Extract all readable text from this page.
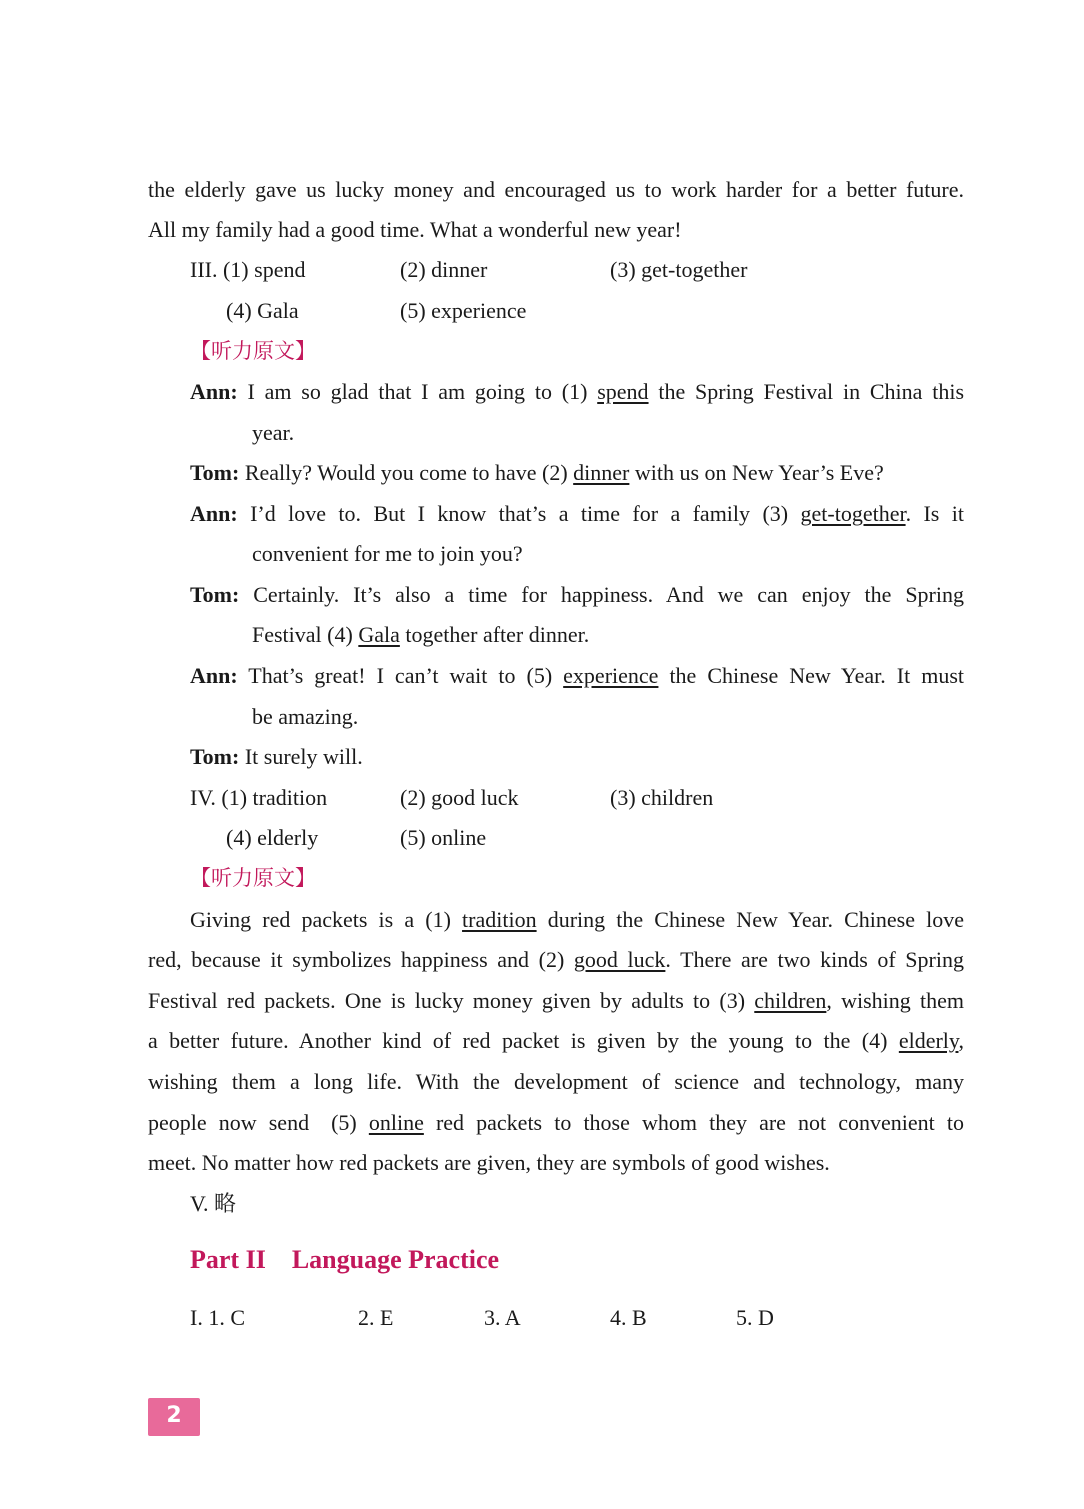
the elderly gave us lucky money and encouraged us to work harder for a better future.
All my family had a good time. What a wonderful new year!
III. (1) spend	(2) dinner	(3) get-together
(4) Gala	(5) experience
【听力原文】
Ann: I am so glad that I am going to (1) spend the Spring Festival in China this
year.
Tom: Really? Would you come to have (2) dinner with us on New Year’s Eve?
Ann: I’d love to. But I know that’s a time for a family (3) get-together. Is it
convenient for me to join you?
Tom: Certainly. It’s also a time for happiness. And we can enjoy the Spring
Festival (4) Gala together after dinner.
Ann: That’s great! I can’t wait to (5) experience the Chinese New Year. It must
be amazing.
Tom: It surely will.
IV. (1) tradition	(2) good luck	(3) children
(4) elderly	(5) online
【听力原文】
Giving red packets is a (1) tradition during the Chinese New Year. Chinese love
red, because it symbolizes happiness and (2) good luck. There are two kinds of Spring
Festival red packets. One is lucky money given by adults to (3) children, wishing them
a better future. Another kind of red packet is given by the young to the (4) elderly,
wishing them a long life. With the development of science and technology, many
people now send (5) online red packets to those whom they are not convenient to
meet. No matter how red packets are given, they are symbols of good wishes.
V. 略
Part II Language Practice
I. 1. C	2. E	3. A	4. B	5. D
2
